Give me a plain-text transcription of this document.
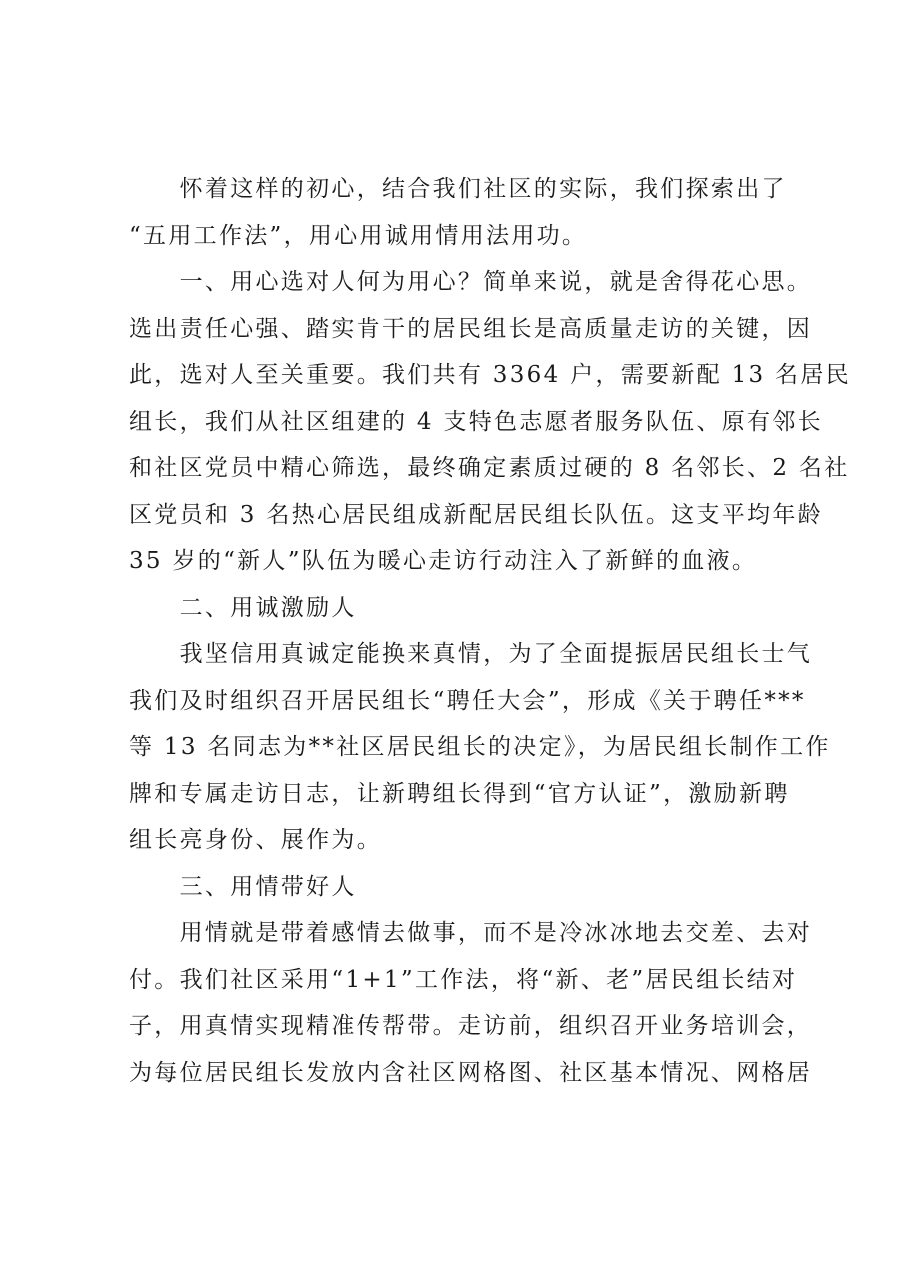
　　怀着这样的初心，结合我们社区的实际，我们探索出了
“五用工作法”，用心用诚用情用法用功。
　　一、用心选对人何为用心？简单来说，就是舍得花心思。
选出责任心强、踏实肯干的居民组长是高质量走访的关键，因
此，选对人至关重要。我们共有 3364 户，需要新配 13 名居民
组长，我们从社区组建的 4 支特色志愿者服务队伍、原有邻长
和社区党员中精心筛选，最终确定素质过硬的 8 名邻长、2 名社
区党员和 3 名热心居民组成新配居民组长队伍。这支平均年龄
35 岁的“新人”队伍为暖心走访行动注入了新鲜的血液。
　　二、用诚激励人
　　我坚信用真诚定能换来真情，为了全面提振居民组长士气
我们及时组织召开居民组长“聘任大会”，形成《关于聘任***
等 13 名同志为**社区居民组长的决定》，为居民组长制作工作
牌和专属走访日志，让新聘组长得到“官方认证”，激励新聘
组长亮身份、展作为。
　　三、用情带好人
　　用情就是带着感情去做事，而不是冷冰冰地去交差、去对
付。我们社区采用“1+1”工作法，将“新、老”居民组长结对
子，用真情实现精准传帮带。走访前，组织召开业务培训会，
为每位居民组长发放内含社区网格图、社区基本情况、网格居
